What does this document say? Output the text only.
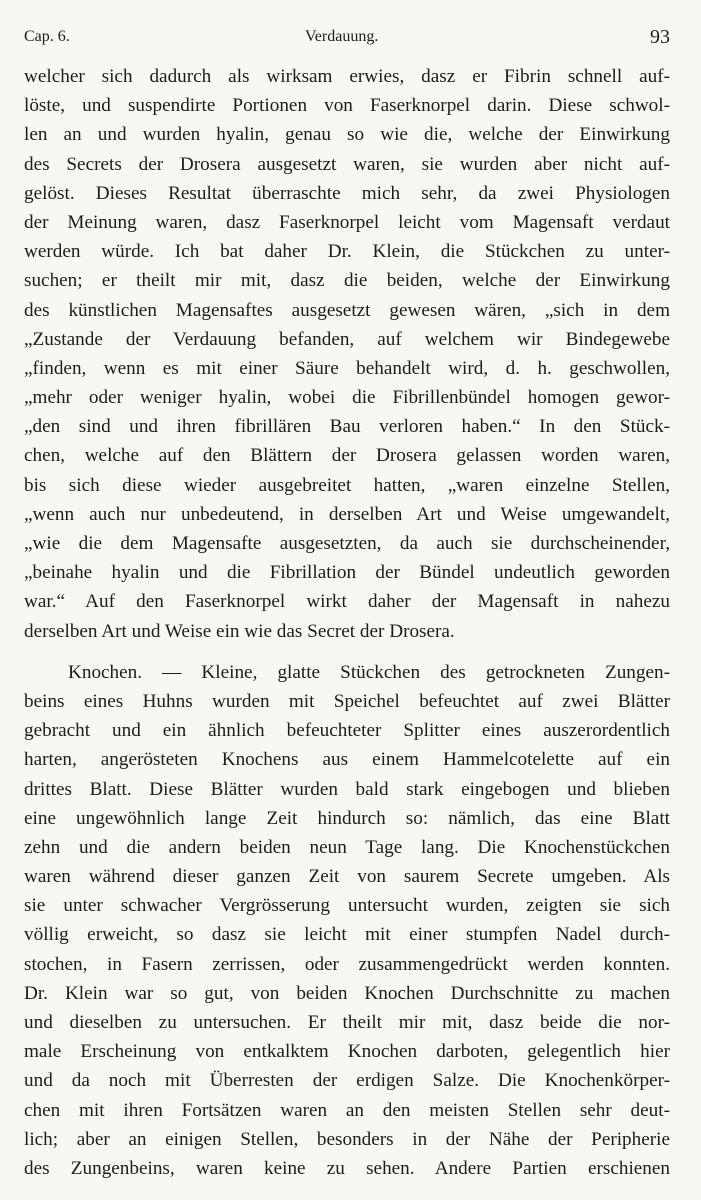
Cap. 6.	Verdauung.	93
welcher sich dadurch als wirksam erwies, dasz er Fibrin schnell auf-
löste, und suspendirte Portionen von Faserknorpel darin. Diese schwol-
len an und wurden hyalin, genau so wie die, welche der Einwirkung
des Secrets der Drosera ausgesetzt waren, sie wurden aber nicht auf-
gelöst. Dieses Resultat überraschte mich sehr, da zwei Physiologen
der Meinung waren, dasz Faserknorpel leicht vom Magensaft verdaut
werden würde. Ich bat daher Dr. Klein, die Stückchen zu unter-
suchen; er theilt mir mit, dasz die beiden, welche der Einwirkung
des künstlichen Magensaftes ausgesetzt gewesen wären, „sich in dem
„Zustande der Verdauung befanden, auf welchem wir Bindegewebe
„finden, wenn es mit einer Säure behandelt wird, d. h. geschwollen,
„mehr oder weniger hyalin, wobei die Fibrillenbündel homogen gewor-
„den sind und ihren fibrillären Bau verloren haben.“ In den Stück-
chen, welche auf den Blättern der Drosera gelassen worden waren,
bis sich diese wieder ausgebreitet hatten, „waren einzelne Stellen,
„wenn auch nur unbedeutend, in derselben Art und Weise umgewandelt,
„wie die dem Magensafte ausgesetzten, da auch sie durchscheinender,
„beinahe hyalin und die Fibrillation der Bündel undeutlich geworden
war.“ Auf den Faserknorpel wirkt daher der Magensaft in nahezu
derselben Art und Weise ein wie das Secret der Drosera.
Knochen. — Kleine, glatte Stückchen des getrockneten Zungen-
beins eines Huhns wurden mit Speichel befeuchtet auf zwei Blätter
gebracht und ein ähnlich befeuchteter Splitter eines auszerordentlich
harten, angerösteten Knochens aus einem Hammelcotelette auf ein
drittes Blatt. Diese Blätter wurden bald stark eingebogen und blieben
eine ungewöhnlich lange Zeit hindurch so: nämlich, das eine Blatt
zehn und die andern beiden neun Tage lang. Die Knochenstückchen
waren während dieser ganzen Zeit von saurem Secrete umgeben. Als
sie unter schwacher Vergrösserung untersucht wurden, zeigten sie sich
völlig erweicht, so dasz sie leicht mit einer stumpfen Nadel durch-
stochen, in Fasern zerrissen, oder zusammengedrückt werden konnten.
Dr. Klein war so gut, von beiden Knochen Durchschnitte zu machen
und dieselben zu untersuchen. Er theilt mir mit, dasz beide die nor-
male Erscheinung von entkalktem Knochen darboten, gelegentlich hier
und da noch mit Überresten der erdigen Salze. Die Knochenkörper-
chen mit ihren Fortsätzen waren an den meisten Stellen sehr deut-
lich; aber an einigen Stellen, besonders in der Nähe der Peripherie
des Zungenbeins, waren keine zu sehen. Andere Partien erschienen
